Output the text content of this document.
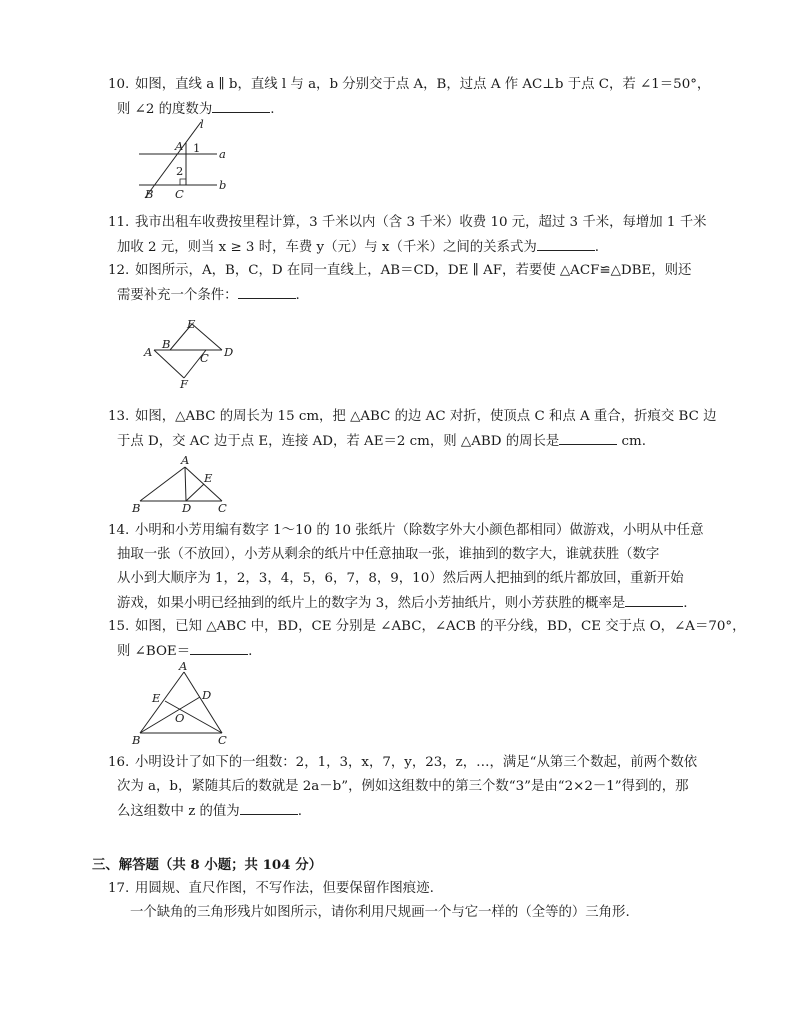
10. 如图，直线 a ∥ b，直线 l 与 a，b 分别交于点 A，B，过点 A 作 AC⊥b 于点 C，若 ∠1＝50°，
则 ∠2 的度数为	.
l
a
b
A 1
2
B C
11. 我市出租车收费按里程计算，3 千米以内（含 3 千米）收费 10 元，超过 3 千米，每增加 1 千米
加收 2 元，则当 x ≥ 3 时，车费 y（元）与 x（千米）之间的关系式为	.
12. 如图所示，A，B，C，D 在同一直线上，AB＝CD，DE ∥ AF，若要使 △ACF≌△DBE，则还
需要补充一个条件：	.
A
B
C D
E
F
13. 如图，△ABC 的周长为 15 cm，把 △ABC 的边 AC 对折，使顶点 C 和点 A 重合，折痕交 BC 边
于点 D，交 AC 边于点 E，连接 AD，若 AE＝2 cm，则 △ABD 的周长是	cm.
A
B	D C
E
14. 小明和小芳用编有数字 1～10 的 10 张纸片（除数字外大小颜色都相同）做游戏，小明从中任意
抽取一张（不放回），小芳从剩余的纸片中任意抽取一张，谁抽到的数字大，谁就获胜（数字
从小到大顺序为 1，2，3，4，5，6，7，8，9，10）然后两人把抽到的纸片都放回，重新开始
游戏，如果小明已经抽到的纸片上的数字为 3，然后小芳抽纸片，则小芳获胜的概率是	.
15. 如图，已知 △ABC 中，BD，CE 分别是 ∠ABC，∠ACB 的平分线，BD，CE 交于点 O，∠A＝70°，
则 ∠BOE＝	.
A
E	D
O
B	C
16. 小明设计了如下的一组数：2，1，3，x，7，y，23，z，…，满足“从第三个数起，前两个数依
次为 a，b，紧随其后的数就是 2a－b”，例如这组数中的第三个数“3”是由“2×2－1”得到的，那
么这组数中 z 的值为	.
三、解答题（共 8 小题；共 104 分）
17. 用圆规、直尺作图，不写作法，但要保留作图痕迹.
一个缺角的三角形残片如图所示，请你利用尺规画一个与它一样的（全等的）三角形.
